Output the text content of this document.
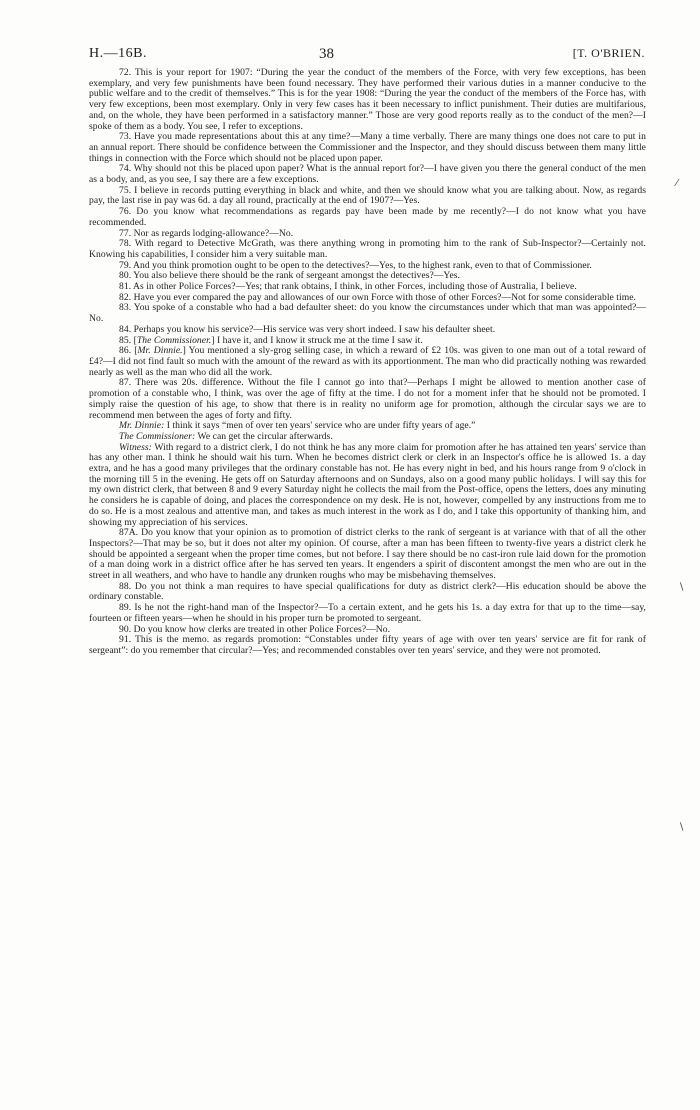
H.—16B.	38	[T. O'BRIEN.

72. This is your report for 1907: “During the year the conduct of the members of the Force, with very few exceptions, has been exemplary, and very few punishments have been found necessary. They have performed their various duties in a manner conducive to the public welfare and to the credit of themselves.” This is for the year 1908: “During the year the conduct of the members of the Force has, with very few exceptions, been most exemplary. Only in very few cases has it been necessary to inflict punishment. Their duties are multifarious, and, on the whole, they have been performed in a satisfactory manner.” Those are very good reports really as to the conduct of the men?—I spoke of them as a body. You see, I refer to exceptions.

73. Have you made representations about this at any time?—Many a time verbally. There are many things one does not care to put in an annual report. There should be confidence between the Commissioner and the Inspector, and they should discuss between them many little things in connection with the Force which should not be placed upon paper.

74. Why should not this be placed upon paper? What is the annual report for?—I have given you there the general conduct of the men as a body, and, as you see, I say there are a few exceptions.

75. I believe in records putting everything in black and white, and then we should know what you are talking about. Now, as regards pay, the last rise in pay was 6d. a day all round, practically at the end of 1907?—Yes.

76. Do you know what recommendations as regards pay have been made by me recently?—I do not know what you have recommended.

77. Nor as regards lodging-allowance?—No.

78. With regard to Detective McGrath, was there anything wrong in promoting him to the rank of Sub-Inspector?—Certainly not. Knowing his capabilities, I consider him a very suitable man.

79. And you think promotion ought to be open to the detectives?—Yes, to the highest rank, even to that of Commissioner.

80. You also believe there should be the rank of sergeant amongst the detectives?—Yes.

81. As in other Police Forces?—Yes; that rank obtains, I think, in other Forces, including those of Australia, I believe.

82. Have you ever compared the pay and allowances of our own Force with those of other Forces?—Not for some considerable time.

83. You spoke of a constable who had a bad defaulter sheet: do you know the circumstances under which that man was appointed?—No.

84. Perhaps you know his service?—His service was very short indeed. I saw his defaulter sheet.

85. [The Commissioner.] I have it, and I know it struck me at the time I saw it.

86. [Mr. Dinnie.] You mentioned a sly-grog selling case, in which a reward of £2 10s. was given to one man out of a total reward of £4?—I did not find fault so much with the amount of the reward as with its apportionment. The man who did practically nothing was rewarded nearly as well as the man who did all the work.

87. There was 20s. difference. Without the file I cannot go into that?—Perhaps I might be allowed to mention another case of promotion of a constable who, I think, was over the age of fifty at the time. I do not for a moment infer that he should not be promoted. I simply raise the question of his age, to show that there is in reality no uniform age for promotion, although the circular says we are to recommend men between the ages of forty and fifty.

Mr. Dinnie: I think it says “men of over ten years' service who are under fifty years of age.”

The Commissioner: We can get the circular afterwards.

Witness: With regard to a district clerk, I do not think he has any more claim for promotion after he has attained ten years' service than has any other man. I think he should wait his turn. When he becomes district clerk or clerk in an Inspector's office he is allowed 1s. a day extra, and he has a good many privileges that the ordinary constable has not. He has every night in bed, and his hours range from 9 o'clock in the morning till 5 in the evening. He gets off on Saturday afternoons and on Sundays, also on a good many public holidays. I will say this for my own district clerk, that between 8 and 9 every Saturday night he collects the mail from the Post-office, opens the letters, does any minuting he considers he is capable of doing, and places the correspondence on my desk. He is not, however, compelled by any instructions from me to do so. He is a most zealous and attentive man, and takes as much interest in the work as I do, and I take this opportunity of thanking him, and showing my appreciation of his services.

87A. Do you know that your opinion as to promotion of district clerks to the rank of sergeant is at variance with that of all the other Inspectors?—That may be so, but it does not alter my opinion. Of course, after a man has been fifteen to twenty-five years a district clerk he should be appointed a sergeant when the proper time comes, but not before. I say there should be no cast-iron rule laid down for the promotion of a man doing work in a district office after he has served ten years. It engenders a spirit of discontent amongst the men who are out in the street in all weathers, and who have to handle any drunken roughs who may be misbehaving themselves.

88. Do you not think a man requires to have special qualifications for duty as district clerk?—His education should be above the ordinary constable.

89. Is he not the right-hand man of the Inspector?—To a certain extent, and he gets his 1s. a day extra for that up to the time—say, fourteen or fifteen years—when he should in his proper turn be promoted to sergeant.

90. Do you know how clerks are treated in other Police Forces?—No.

91. This is the memo. as regards promotion: “Constables under fifty years of age with over ten years' service are fit for rank of sergeant”: do you remember that circular?—Yes; and recommended constables over ten years' service, and they were not promoted.

⁄
∖
∖
